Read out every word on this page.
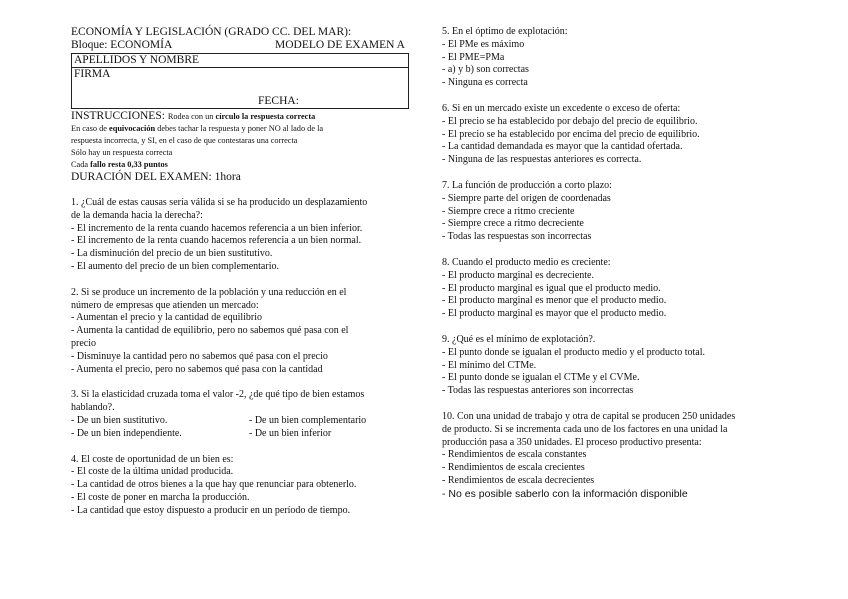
ECONOMÍA Y LEGISLACIÓN (GRADO CC. DEL MAR):
Bloque: ECONOMÍA	MODELO DE EXAMEN A
APELLIDOS Y NOMBRE
FIRMA
FECHA:
INSTRUCCIONES: Rodea con un círculo la respuesta correcta
En caso de equivocación debes tachar la respuesta y poner NO al lado de la
respuesta incorrecta, y SI, en el caso de que contestaras una correcta
Sólo hay un respuesta correcta
Cada fallo resta 0,33 puntos
DURACIÓN DEL EXAMEN: 1hora
1. ¿Cuál de estas causas sería válida si se ha producido un desplazamiento
de la demanda hacia la derecha?:
- El incremento de la renta cuando hacemos referencia a un bien inferior.
- El incremento de la renta cuando hacemos referencia a un bien normal.
- La disminución del precio de un bien sustitutivo.
- El aumento del precio de un bien complementario.
2. Si se produce un incremento de la población y una reducción en el
número de empresas que atienden un mercado:
- Aumentan el precio y la cantidad de equilibrio
- Aumenta la cantidad de equilibrio, pero no sabemos qué pasa con el
precio
- Disminuye la cantidad pero no sabemos qué pasa con el precio
- Aumenta el precio, pero no sabemos qué pasa con la cantidad
3. Si la elasticidad cruzada toma el valor -2, ¿de qué tipo de bien estamos
hablando?.
- De un bien sustitutivo.	- De un bien complementario
- De un bien independiente.	- De un bien inferior
4. El coste de oportunidad de un bien es:
- El coste de la última unidad producida.
- La cantidad de otros bienes a la que hay que renunciar para obtenerlo.
- El coste de poner en marcha la producción.
- La cantidad que estoy dispuesto a producir en un período de tiempo.
5. En el óptimo de explotación:
- El PMe es máximo
- El PME=PMa
- a) y b) son correctas
- Ninguna es correcta
6. Si en un mercado existe un excedente o exceso de oferta:
- El precio se ha establecido por debajo del precio de equilibrio.
- El precio se ha establecido por encima del precio de equilibrio.
- La cantidad demandada es mayor que la cantidad ofertada.
- Ninguna de las respuestas anteriores es correcta.
7. La función de producción a corto plazo:
- Siempre parte del origen de coordenadas
- Siempre crece a ritmo creciente
- Siempre crece a ritmo decreciente
- Todas las respuestas son incorrectas
8. Cuando el producto medio es creciente:
- El producto marginal es decreciente.
- El producto marginal es igual que el producto medio.
- El producto marginal es menor que el producto medio.
- El producto marginal es mayor que el producto medio.
9. ¿Qué es el mínimo de explotación?.
- El punto donde se igualan el producto medio y el producto total.
- El mínimo del CTMe.
- El punto donde se igualan el CTMe y el CVMe.
- Todas las respuestas anteriores son incorrectas
10. Con una unidad de trabajo y otra de capital se producen 250 unidades
de producto. Si se incrementa cada uno de los factores en una unidad la
producción pasa a 350 unidades. El proceso productivo presenta:
- Rendimientos de escala constantes
- Rendimientos de escala crecientes
- Rendimientos de escala decrecientes
- No es posible saberlo con la información disponible
